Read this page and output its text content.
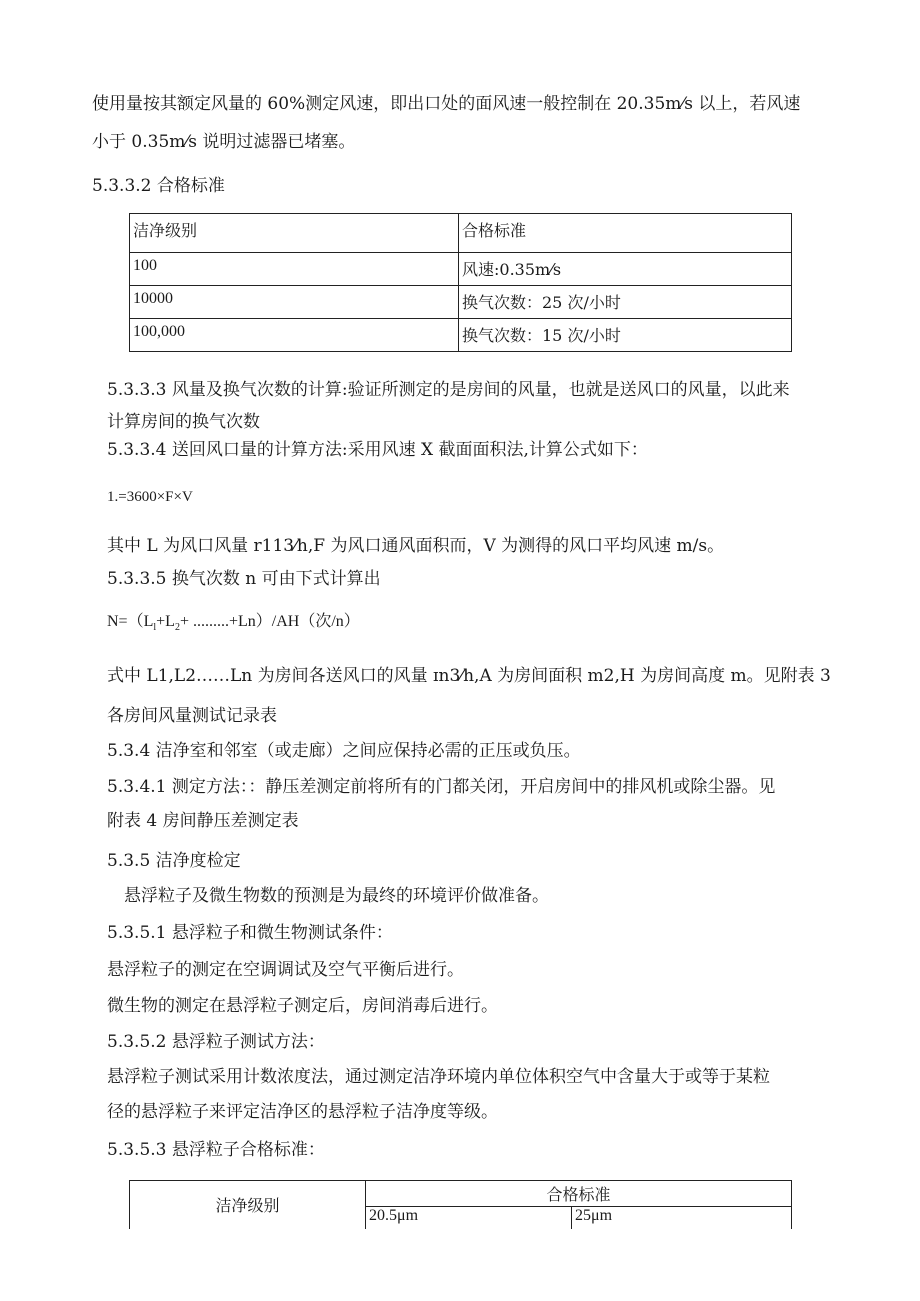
使用量按其额定风量的 60%测定风速，即出口处的面风速一般控制在 20.35m⁄s 以上，若风速
小于 0.35m⁄s 说明过滤器已堵塞。
5.3.3.2 合格标准
洁净级别	合格标准
100	风速:0.35m⁄s
10000	换气次数：25 次/小时
100,000	换气次数：15 次/小时
5.3.3.3 风量及换气次数的计算:验证所测定的是房间的风量，也就是送风口的风量，以此来
计算房间的换气次数
5.3.3.4 送回风口量的计算方法:采用风速 X 截面面积法,计算公式如下：
1.=3600×F×V
其中 L 为风口风量 r113⁄h,F 为风口通风面积而，V 为测得的风口平均风速 m/s。
5.3.3.5 换气次数 n 可由下式计算出
$N=(L_l+L_2+ .........+Ln)/AH$（次/n）
式中 L1,L2……Ln 为房间各送风口的风量 ɪn3⁄h,A 为房间面积 m2,H 为房间高度 m。见附表 3
各房间风量测试记录表
5.3.4 洁净室和邻室（或走廊）之间应保持必需的正压或负压。
5.3.4.1 测定方法：：静压差测定前将所有的门都关闭，开启房间中的排风机或除尘器。见
附表 4 房间静压差测定表
5.3.5 洁净度检定
悬浮粒子及微生物数的预测是为最终的环境评价做准备。
5.3.5.1 悬浮粒子和微生物测试条件：
悬浮粒子的测定在空调调试及空气平衡后进行。
微生物的测定在悬浮粒子测定后，房间消毒后进行。
5.3.5.2 悬浮粒子测试方法：
悬浮粒子测试采用计数浓度法，通过测定洁净环境内单位体积空气中含量大于或等于某粒
径的悬浮粒子来评定洁净区的悬浮粒子洁净度等级。
5.3.5.3 悬浮粒子合格标准：
洁净级别	合格标准	
	20.5μm	25μm
